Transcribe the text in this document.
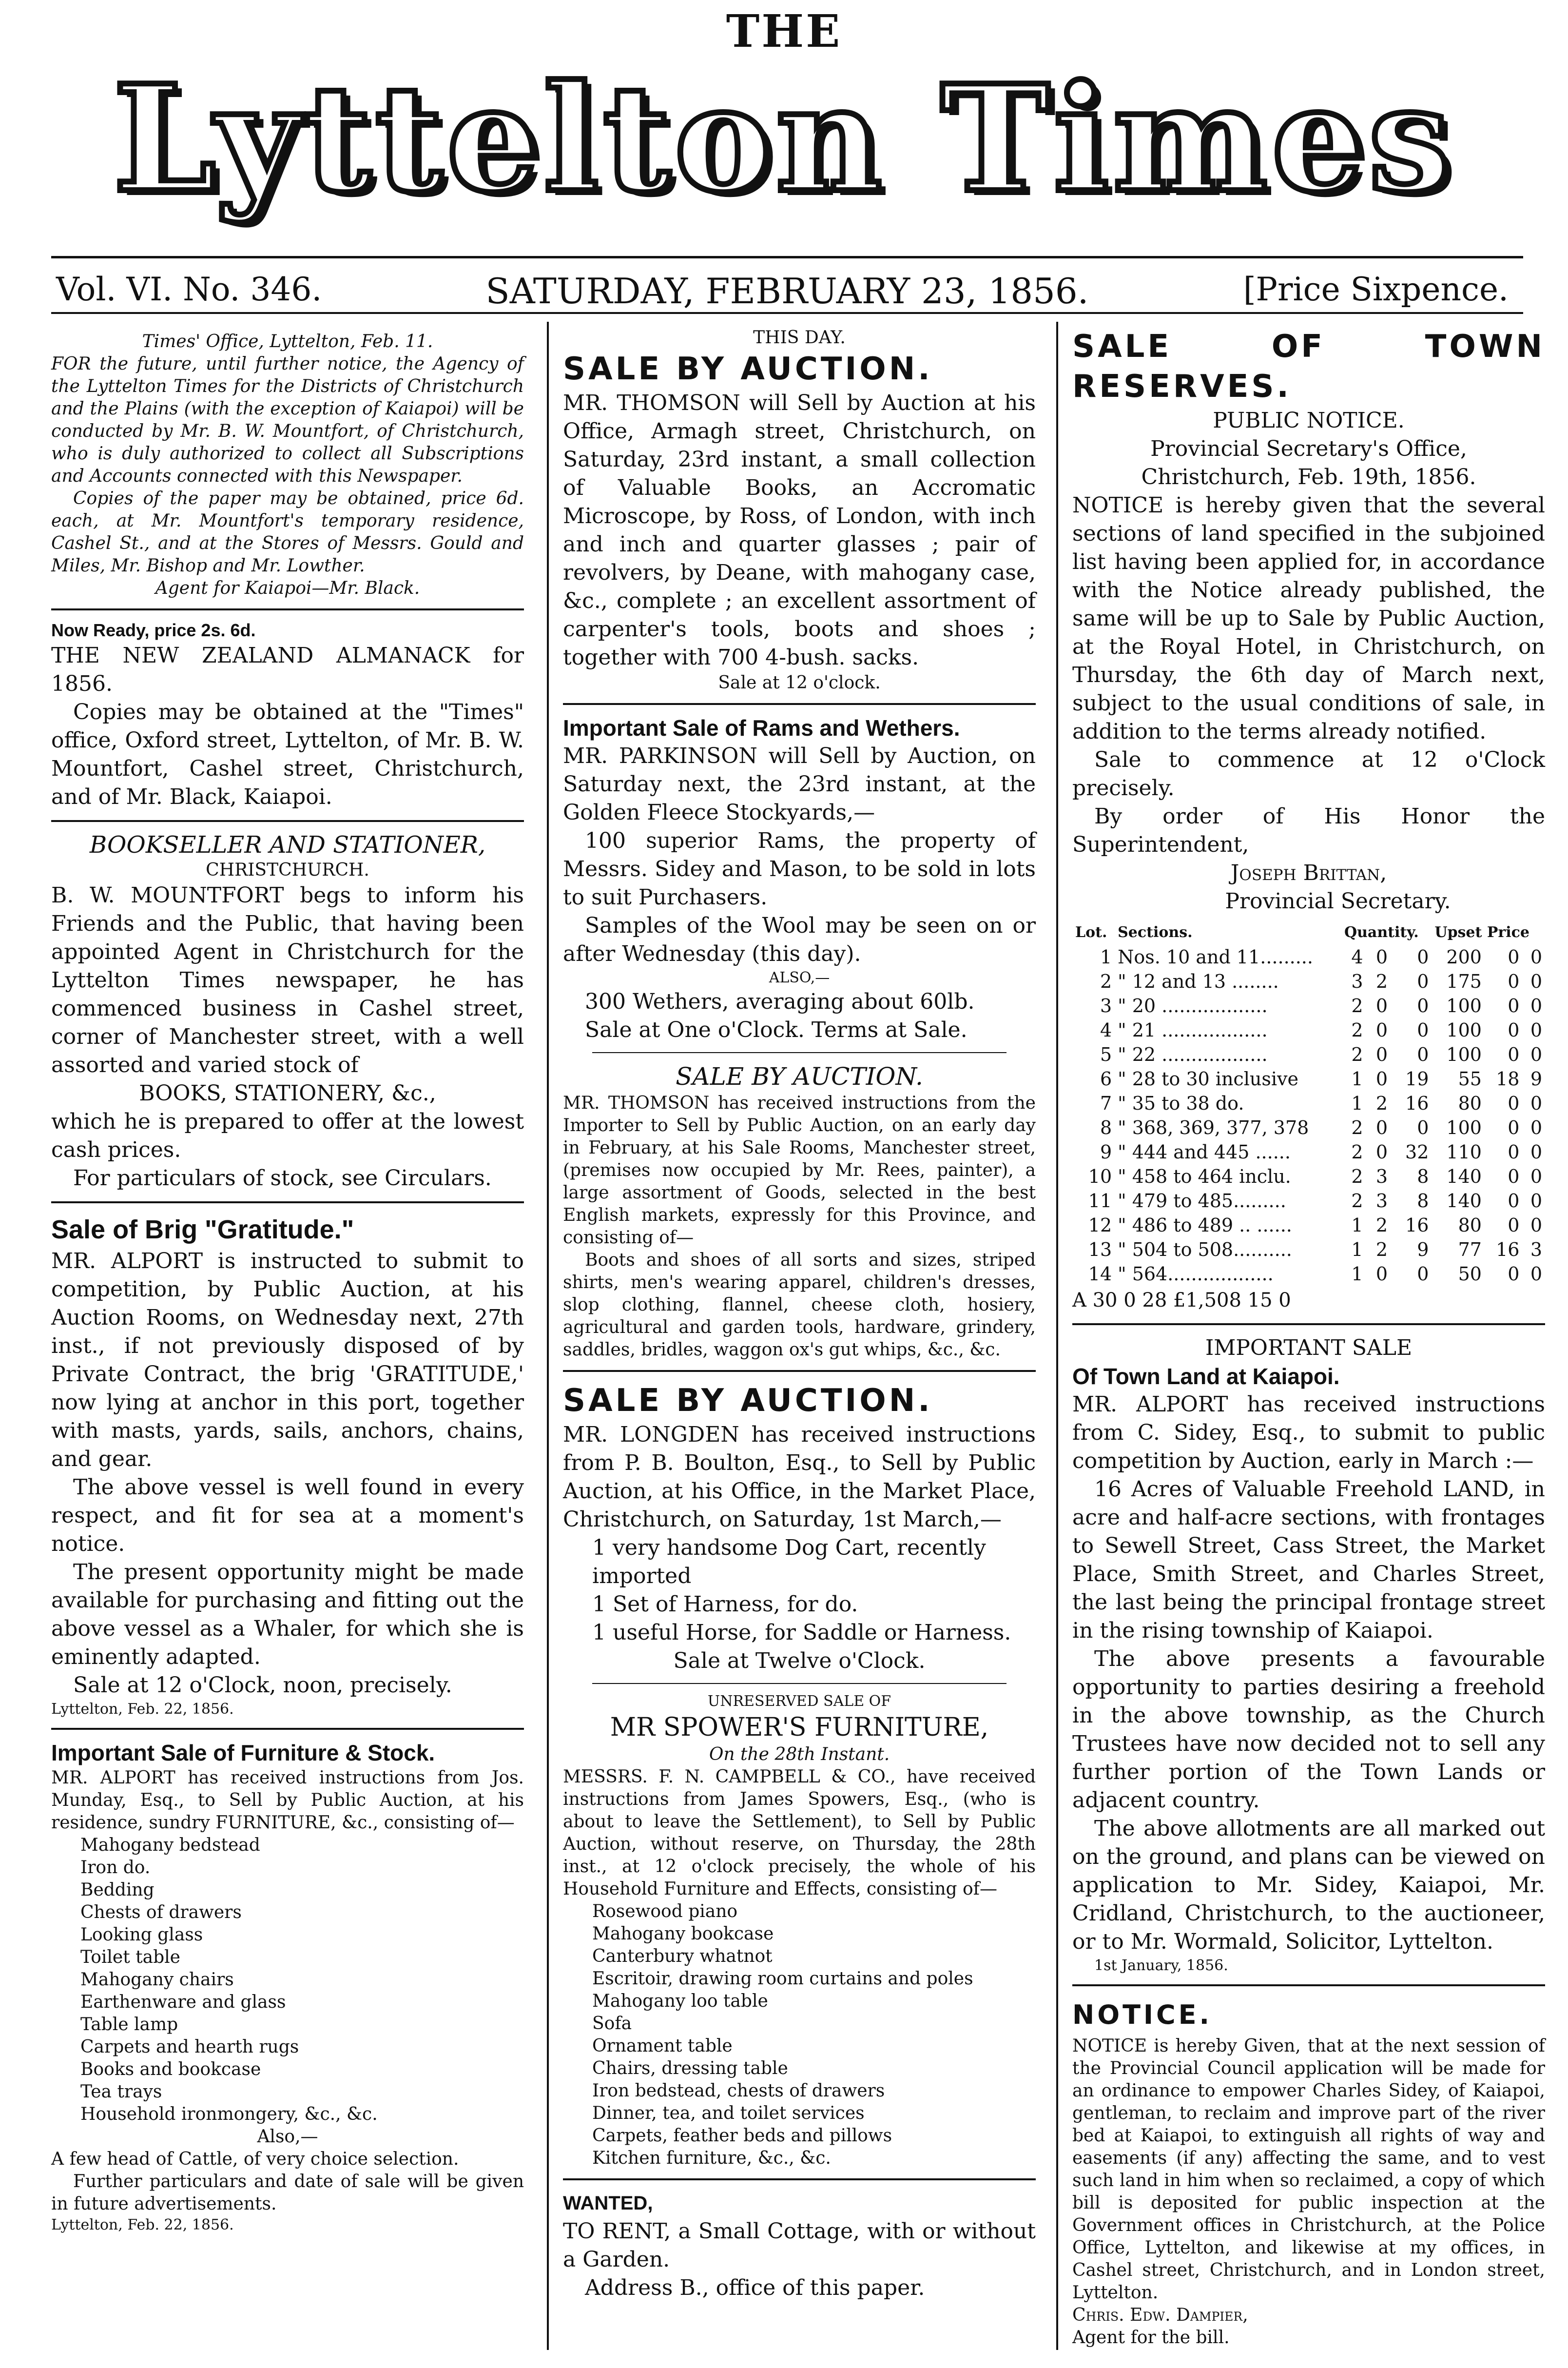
THE
Lyttelton Times
Vol. VI. No. 346.	SATURDAY, FEBRUARY 23, 1856.	[Price Sixpence.

Times' Office, Lyttelton, Feb. 11.

FOR the future, until further notice, the Agency of the Lyttelton Times for the Districts of Christchurch and the Plains (with the exception of Kaiapoi) will be conducted by Mr. B. W. Mountfort, of Christchurch, who is duly authorized to collect all Subscriptions and Accounts connected with this Newspaper.

Copies of the paper may be obtained, price 6d. each, at Mr. Mountfort's temporary residence, Cashel St., and at the Stores of Messrs. Gould and Miles, Mr. Bishop and Mr. Lowther.

Agent for Kaiapoi—Mr. Black.

Now Ready, price 2s. 6d.

THE NEW ZEALAND ALMANACK for 1856.

Copies may be obtained at the "Times" office, Oxford street, Lyttelton, of Mr. B. W. Mountfort, Cashel street, Christchurch, and of Mr. Black, Kaiapoi.

BOOKSELLER AND STATIONER,

CHRISTCHURCH.

B. W. MOUNTFORT begs to inform his Friends and the Public, that having been appointed Agent in Christchurch for the Lyttelton Times newspaper, he has commenced business in Cashel street, corner of Manchester street, with a well assorted and varied stock of

BOOKS, STATIONERY, &c.,

which he is prepared to offer at the lowest cash prices.

For particulars of stock, see Circulars.

Sale of Brig "Gratitude."

MR. ALPORT is instructed to submit to competition, by Public Auction, at his Auction Rooms, on Wednesday next, 27th inst., if not previously disposed of by Private Contract, the brig 'GRATITUDE,' now lying at anchor in this port, together with masts, yards, sails, anchors, chains, and gear.

The above vessel is well found in every respect, and fit for sea at a moment's notice.

The present opportunity might be made available for purchasing and fitting out the above vessel as a Whaler, for which she is eminently adapted.

Sale at 12 o'Clock, noon, precisely.

Lyttelton, Feb. 22, 1856.

Important Sale of Furniture & Stock.

MR. ALPORT has received instructions from Jos. Munday, Esq., to Sell by Public Auction, at his residence, sundry FURNITURE, &c., consisting of—

Mahogany bedstead
Iron do.
Bedding
Chests of drawers
Looking glass
Toilet table
Mahogany chairs
Earthenware and glass
Table lamp
Carpets and hearth rugs
Books and bookcase
Tea trays
Household ironmongery, &c., &c.

Also,—

A few head of Cattle, of very choice selection.

Further particulars and date of sale will be given in future advertisements.

Lyttelton, Feb. 22, 1856.

THIS DAY.

SALE BY AUCTION.

MR. THOMSON will Sell by Auction at his Office, Armagh street, Christchurch, on Saturday, 23rd instant, a small collection of Valuable Books, an Accromatic Microscope, by Ross, of London, with inch and inch and quarter glasses ; pair of revolvers, by Deane, with mahogany case, &c., complete ; an excellent assortment of carpenter's tools, boots and shoes ; together with 700 4-bush. sacks.

Sale at 12 o'clock.

Important Sale of Rams and Wethers.

MR. PARKINSON will Sell by Auction, on Saturday next, the 23rd instant, at the Golden Fleece Stockyards,—

100 superior Rams, the property of Messrs. Sidey and Mason, to be sold in lots to suit Purchasers.

Samples of the Wool may be seen on or after Wednesday (this day).

ALSO,—

300 Wethers, averaging about 60lb.

Sale at One o'Clock. Terms at Sale.

SALE BY AUCTION.

MR. THOMSON has received instructions from the Importer to Sell by Public Auction, on an early day in February, at his Sale Rooms, Manchester street, (premises now occupied by Mr. Rees, painter), a large assortment of Goods, selected in the best English markets, expressly for this Province, and consisting of—

Boots and shoes of all sorts and sizes, striped shirts, men's wearing apparel, children's dresses, slop clothing, flannel, cheese cloth, hosiery, agricultural and garden tools, hardware, grindery, saddles, bridles, waggon ox's gut whips, &c., &c.

SALE BY AUCTION.

MR. LONGDEN has received instructions from P. B. Boulton, Esq., to Sell by Public Auction, at his Office, in the Market Place, Christchurch, on Saturday, 1st March,—

1 very handsome Dog Cart, recently imported
1 Set of Harness, for do.
1 useful Horse, for Saddle or Harness.

Sale at Twelve o'Clock.

UNRESERVED SALE OF

MR SPOWER'S FURNITURE,

On the 28th Instant.

MESSRS. F. N. CAMPBELL & CO., have received instructions from James Spowers, Esq., (who is about to leave the Settlement), to Sell by Public Auction, without reserve, on Thursday, the 28th inst., at 12 o'clock precisely, the whole of his Household Furniture and Effects, consisting of—

Rosewood piano
Mahogany bookcase
Canterbury whatnot
Escritoir, drawing room curtains and poles
Mahogany loo table
Sofa
Ornament table
Chairs, dressing table
Iron bedstead, chests of drawers
Dinner, tea, and toilet services
Carpets, feather beds and pillows
Kitchen furniture, &c., &c.

WANTED,

TO RENT, a Small Cottage, with or without a Garden.

Address B., office of this paper.

SALE OF TOWN RESERVES.

PUBLIC NOTICE.

Provincial Secretary's Office,

Christchurch, Feb. 19th, 1856.

NOTICE is hereby given that the several sections of land specified in the subjoined list having been applied for, in accordance with the Notice already published, the same will be up to Sale by Public Auction, at the Royal Hotel, in Christchurch, on Thursday, the 6th day of March next, subject to the usual conditions of sale, in addition to the terms already notified.

Sale to commence at 12 o'Clock precisely.

By order of His Honor the Superintendent,

Joseph Brittan,

Provincial Secretary.

Lot.	Sections.	Quantity.			Upset Price		
1	Nos. 10 and 11.........	4	0	0	200	0	0
2	" 12 and 13 ........	3	2	0	175	0	0
3	" 20 ..................	2	0	0	100	0	0
4	" 21 ..................	2	0	0	100	0	0
5	" 22 ..................	2	0	0	100	0	0
6	" 28 to 30 inclusive	1	0	19	55	18	9
7	" 35 to 38 do.	1	2	16	80	0	0
8	" 368, 369, 377, 378	2	0	0	100	0	0
9	" 444 and 445 ......	2	0	32	110	0	0
10	" 458 to 464 inclu.	2	3	8	140	0	0
11	" 479 to 485.........	2	3	8	140	0	0
12	" 486 to 489 .. ......	1	2	16	80	0	0
13	" 504 to 508..........	1	2	9	77	16	3
14	" 564..................	1	0	0	50	0	0

A 30 0 28 £1,508 15 0

IMPORTANT SALE

Of Town Land at Kaiapoi.

MR. ALPORT has received instructions from C. Sidey, Esq., to submit to public competition by Auction, early in March :—

16 Acres of Valuable Freehold LAND, in acre and half-acre sections, with frontages to Sewell Street, Cass Street, the Market Place, Smith Street, and Charles Street, the last being the principal frontage street in the rising township of Kaiapoi.

The above presents a favourable opportunity to parties desiring a freehold in the above township, as the Church Trustees have now decided not to sell any further portion of the Town Lands or adjacent country.

The above allotments are all marked out on the ground, and plans can be viewed on application to Mr. Sidey, Kaiapoi, Mr. Cridland, Christchurch, to the auctioneer, or to Mr. Wormald, Solicitor, Lyttelton.

1st January, 1856.

NOTICE.

NOTICE is hereby Given, that at the next session of the Provincial Council application will be made for an ordinance to empower Charles Sidey, of Kaiapoi, gentleman, to reclaim and improve part of the river bed at Kaiapoi, to extinguish all rights of way and easements (if any) affecting the same, and to vest such land in him when so reclaimed, a copy of which bill is deposited for public inspection at the Government offices in Christchurch, at the Police Office, Lyttelton, and likewise at my offices, in Cashel street, Christchurch, and in London street, Lyttelton.

Chris. Edw. Dampier,

Agent for the bill.
